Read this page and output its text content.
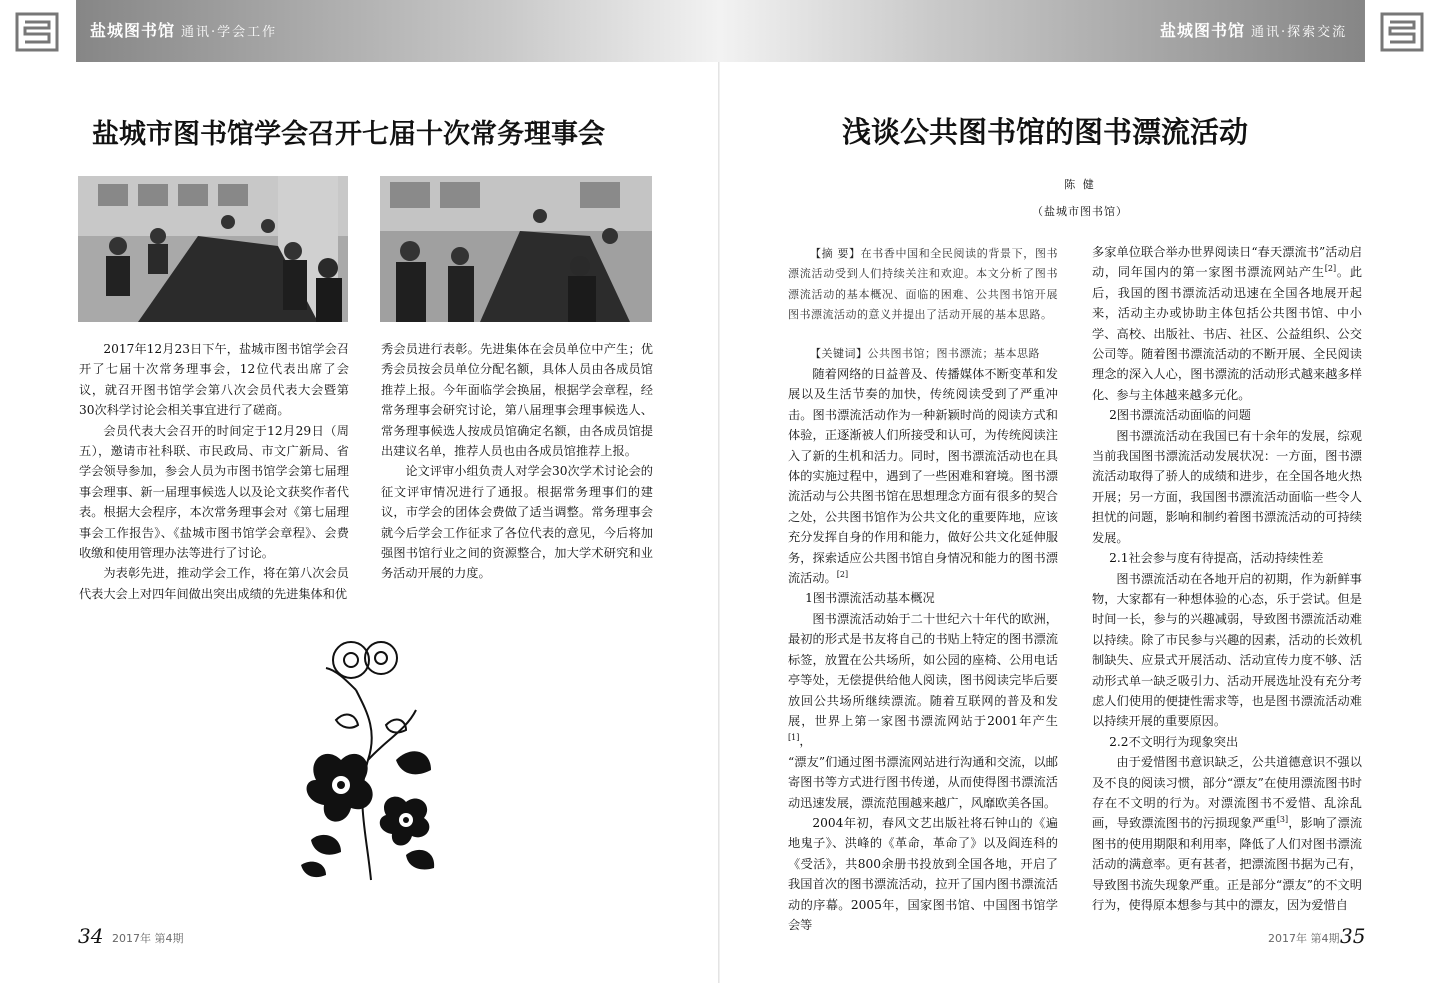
盐城图书馆 通讯·学会工作	盐城图书馆 通讯·探索交流
盐城市图书馆学会召开七届十次常务理事会

2017年12月23日下午，盐城市图书馆学会召开了七届十次常务理事会，12位代表出席了会议，就召开图书馆学会第八次会员代表大会暨第30次科学讨论会相关事宜进行了磋商。

会员代表大会召开的时间定于12月29日（周五），邀请市社科联、市民政局、市文广新局、省学会领导参加，参会人员为市图书馆学会第七届理事会理事、新一届理事候选人以及论文获奖作者代表。根据大会程序，本次常务理事会对《第七届理事会工作报告》、《盐城市图书馆学会章程》、会费收缴和使用管理办法等进行了讨论。

为表彰先进，推动学会工作，将在第八次会员代表大会上对四年间做出突出成绩的先进集体和优

秀会员进行表彰。先进集体在会员单位中产生；优秀会员按会员单位分配名额，具体人员由各成员馆推荐上报。今年面临学会换届，根据学会章程，经常务理事会研究讨论，第八届理事会理事候选人、常务理事候选人按成员馆确定名额，由各成员馆提出建议名单，推荐人员也由各成员馆推荐上报。

论文评审小组负责人对学会30次学术讨论会的征文评审情况进行了通报。根据常务理事们的建议，市学会的团体会费做了适当调整。常务理事会就今后学会工作征求了各位代表的意见，今后将加强图书馆行业之间的资源整合，加大学术研究和业务活动开展的力度。

34 2017年 第4期
浅谈公共图书馆的图书漂流活动
陈 健
（盐城市图书馆）

【摘 要】在书香中国和全民阅读的背景下，图书漂流活动受到人们持续关注和欢迎。本文分析了图书漂流活动的基本概况、面临的困难、公共图书馆开展图书漂流活动的意义并提出了活动开展的基本思路。

【关键词】公共图书馆；图书漂流；基本思路

随着网络的日益普及、传播媒体不断变革和发展以及生活节奏的加快，传统阅读受到了严重冲击。图书漂流活动作为一种新颖时尚的阅读方式和体验，正逐渐被人们所接受和认可，为传统阅读注入了新的生机和活力。同时，图书漂流活动也在具体的实施过程中，遇到了一些困难和窘境。图书漂流活动与公共图书馆在思想理念方面有很多的契合之处，公共图书馆作为公共文化的重要阵地，应该充分发挥自身的作用和能力，做好公共文化延伸服务，探索适应公共图书馆自身情况和能力的图书漂流活动。[2]

1图书漂流活动基本概况

图书漂流活动始于二十世纪六十年代的欧洲，最初的形式是书友将自己的书贴上特定的图书漂流标签，放置在公共场所，如公园的座椅、公用电话亭等处，无偿提供给他人阅读，图书阅读完毕后要放回公共场所继续漂流。随着互联网的普及和发展，世界上第一家图书漂流网站于2001年产生[1]，

“漂友”们通过图书漂流网站进行沟通和交流，以邮寄图书等方式进行图书传递，从而使得图书漂流活动迅速发展，漂流范围越来越广，风靡欧美各国。

2004年初，春风文艺出版社将石钟山的《遍地鬼子》、洪峰的《革命，革命了》以及阎连科的《受活》，共800余册书投放到全国各地，开启了我国首次的图书漂流活动，拉开了国内图书漂流活动的序幕。2005年，国家图书馆、中国图书馆学会等

多家单位联合举办世界阅读日“春天漂流书”活动启动，同年国内的第一家图书漂流网站产生[2]。此后，我国的图书漂流活动迅速在全国各地展开起来，活动主办或协助主体包括公共图书馆、中小学、高校、出版社、书店、社区、公益组织、公交公司等。随着图书漂流活动的不断开展、全民阅读理念的深入人心，图书漂流的活动形式越来越多样化、参与主体越来越多元化。

2图书漂流活动面临的问题

图书漂流活动在我国已有十余年的发展，综观当前我国图书漂流活动发展状况：一方面，图书漂流活动取得了骄人的成绩和进步，在全国各地火热开展；另一方面，我国图书漂流活动面临一些令人担忧的问题，影响和制约着图书漂流活动的可持续发展。

2.1社会参与度有待提高，活动持续性差

图书漂流活动在各地开启的初期，作为新鲜事物，大家都有一种想体验的心态，乐于尝试。但是时间一长，参与的兴趣减弱，导致图书漂流活动难以持续。除了市民参与兴趣的因素，活动的长效机制缺失、应景式开展活动、活动宣传力度不够、活动形式单一缺乏吸引力、活动开展选址没有充分考虑人们使用的便捷性需求等，也是图书漂流活动难以持续开展的重要原因。

2.2不文明行为现象突出

由于爱惜图书意识缺乏，公共道德意识不强以及不良的阅读习惯，部分“漂友”在使用漂流图书时存在不文明的行为。对漂流图书不爱惜、乱涂乱画，导致漂流图书的污损现象严重[3]，影响了漂流图书的使用期限和利用率，降低了人们对图书漂流活动的满意率。更有甚者，把漂流图书据为己有，导致图书流失现象严重。正是部分“漂友”的不文明行为，使得原本想参与其中的漂友，因为爱惜自

2017年 第4期 35
